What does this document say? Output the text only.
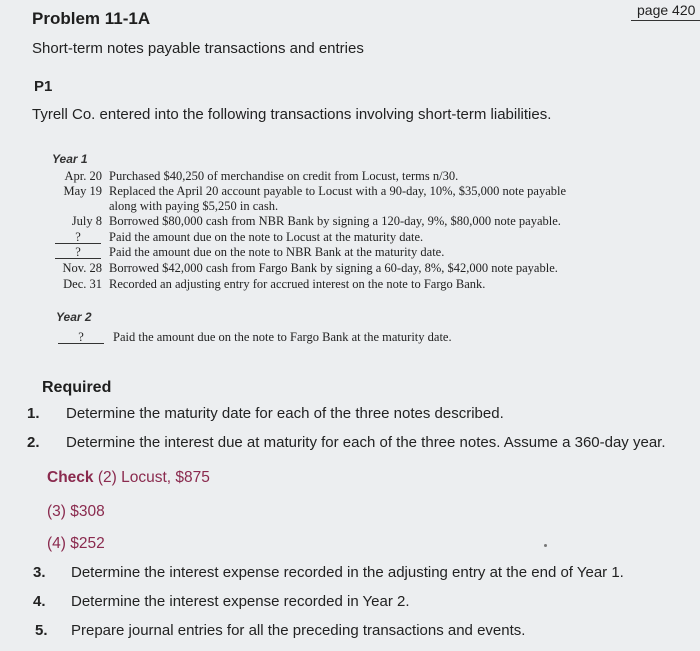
page 420
Problem 11-1A
Short-term notes payable transactions and entries
P1
Tyrell Co. entered into the following transactions involving short-term liabilities.
Year 1
Apr. 20 Purchased $40,250 of merchandise on credit from Locust, terms n/30.
May 19 Replaced the April 20 account payable to Locust with a 90-day, 10%, $35,000 note payable
along with paying $5,250 in cash.
July 8 Borrowed $80,000 cash from NBR Bank by signing a 120-day, 9%, $80,000 note payable.
?	Paid the amount due on the note to Locust at the maturity date.
?	Paid the amount due on the note to NBR Bank at the maturity date.
Nov. 28 Borrowed $42,000 cash from Fargo Bank by signing a 60-day, 8%, $42,000 note payable.
Dec. 31 Recorded an adjusting entry for accrued interest on the note to Fargo Bank.
Year 2
?	Paid the amount due on the note to Fargo Bank at the maturity date.
Required
1. Determine the maturity date for each of the three notes described.
2. Determine the interest due at maturity for each of the three notes. Assume a 360-day year.
Check (2) Locust, $875
(3) $308
(4) $252
3. Determine the interest expense recorded in the adjusting entry at the end of Year 1.
4. Determine the interest expense recorded in Year 2.
5. Prepare journal entries for all the preceding transactions and events.
